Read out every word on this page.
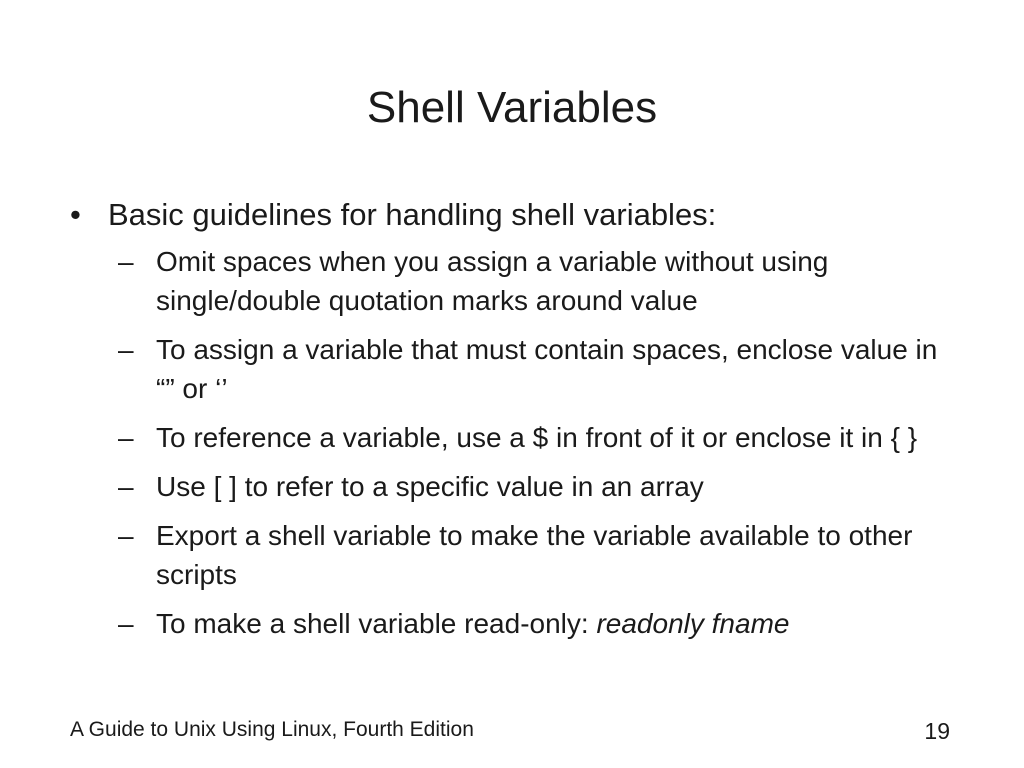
Shell Variables
• Basic guidelines for handling shell variables:
– Omit spaces when you assign a variable without using single/double quotation marks around value
– To assign a variable that must contain spaces, enclose value in “” or ‘’
– To reference a variable, use a $ in front of it or enclose it in { }
– Use [ ] to refer to a specific value in an array
– Export a shell variable to make the variable available to other scripts
– To make a shell variable read-only: readonly fname
A Guide to Unix Using Linux, Fourth Edition	19
